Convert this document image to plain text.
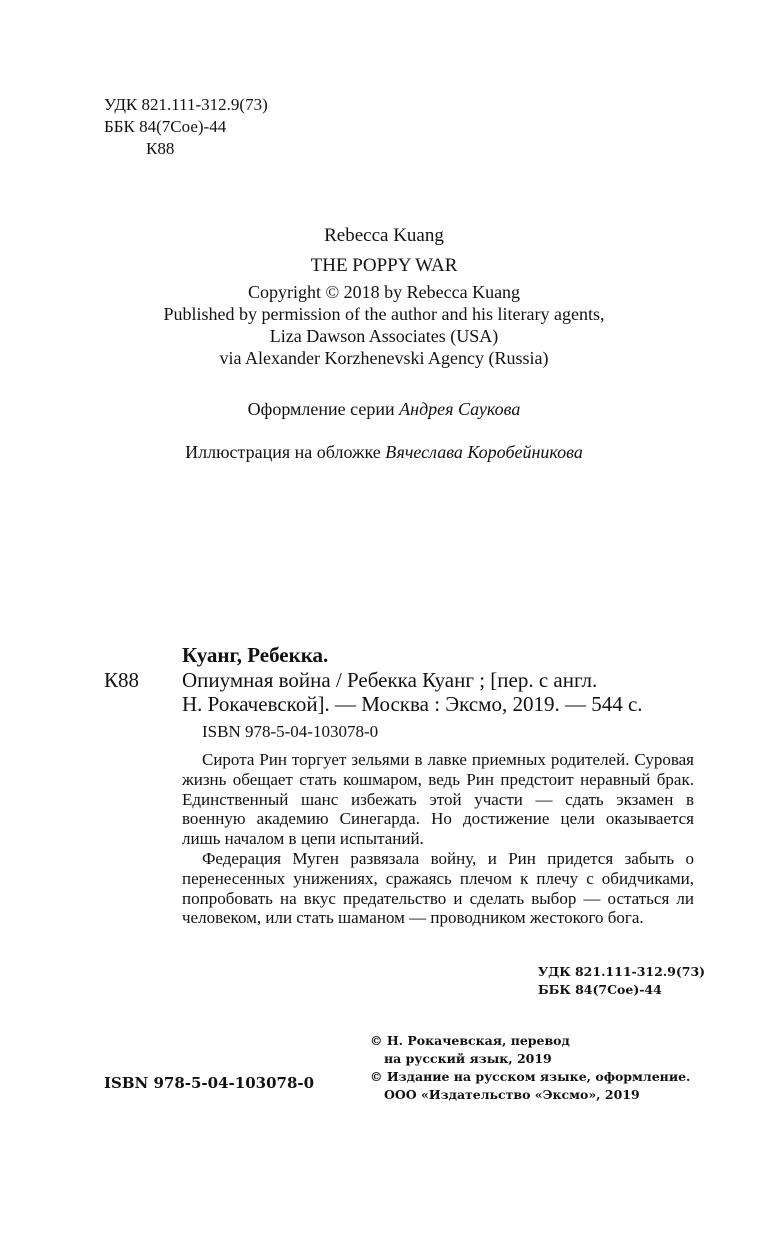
УДК 821.111-312.9(73)
ББК 84(7Сое)-44
К88
Rebecca Kuang
THE POPPY WAR
Copyright © 2018 by Rebecca Kuang
Published by permission of the author and his literary agents,
Liza Dawson Associates (USA)
via Alexander Korzhenevski Agency (Russia)
Оформление серии Андрея Саукова
Иллюстрация на обложке Вячеслава Коробейникова
Куанг, Ребекка.
К88 Опиумная война / Ребекка Куанг ; [пер. с англ.
Н. Рокачевской]. — Москва : Эксмо, 2019. — 544 с.
ISBN 978-5-04-103078-0

Сирота Рин торгует зельями в лавке приемных родителей. Суровая жизнь обещает стать кошмаром, ведь Рин предстоит неравный брак. Единственный шанс избежать этой участи — сдать экзамен в военную академию Синегарда. Но достижение цели оказывается лишь началом в цепи испытаний.

Федерация Муген развязала войну, и Рин придется забыть о перенесенных унижениях, сражаясь плечом к плечу с обидчиками, попробовать на вкус предательство и сделать выбор — остаться ли человеком, или стать шаманом — проводником жестокого бога.

УДК 821.111-312.9(73)
ББК 84(7Сое)-44
© Н. Рокачевская, перевод
на русский язык, 2019
© Издание на русском языке, оформление.
ООО «Издательство «Эксмо», 2019
ISBN 978-5-04-103078-0
